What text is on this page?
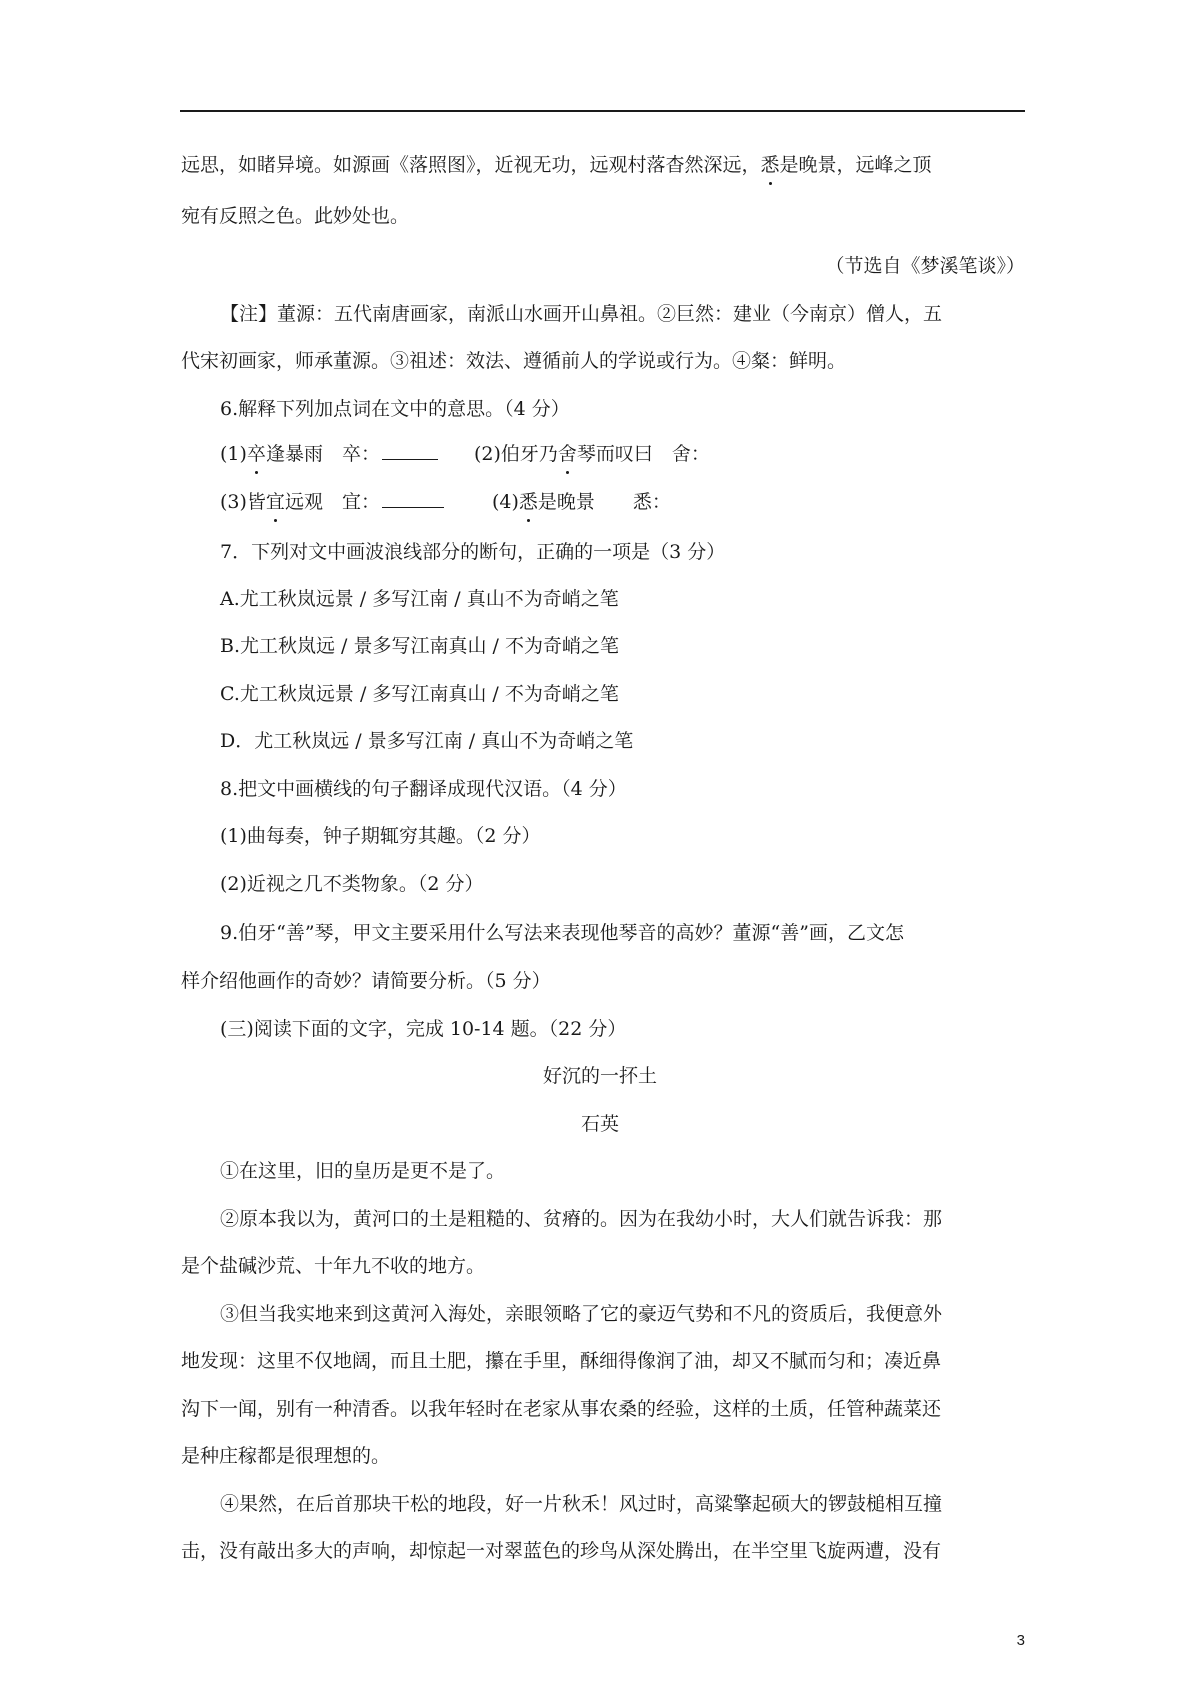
远思，如睹异境。如源画《落照图》，近视无功，远观村落杳然深远，悉是晚景，远峰之顶
宛有反照之色。此妙处也。
（节选自《梦溪笔谈》）
【注】董源：五代南唐画家，南派山水画开山鼻祖。②巨然：建业（今南京）僧人，五
代宋初画家，师承董源。③祖述：效法、遵循前人的学说或行为。④粲：鲜明。
6.解释下列加点词在文中的意思。（4 分）
(1)卒逢暴雨　卒：	(2)伯牙乃舍琴而叹曰　舍：
(3)皆宜远观　宜：	(4)悉是晚景　　悉：
7．下列对文中画波浪线部分的断句，正确的一项是（3 分）
A.尤工秋岚远景 / 多写江南 / 真山不为奇峭之笔
B.尤工秋岚远 / 景多写江南真山 / 不为奇峭之笔
C.尤工秋岚远景 / 多写江南真山 / 不为奇峭之笔
D．尤工秋岚远 / 景多写江南 / 真山不为奇峭之笔
8.把文中画横线的句子翻译成现代汉语。（4 分）
(1)曲每奏，钟子期辄穷其趣。（2 分）
(2)近视之几不类物象。（2 分）
9.伯牙“善”琴，甲文主要采用什么写法来表现他琴音的高妙？董源“善”画，乙文怎
样介绍他画作的奇妙？请简要分析。（5 分）
(三)阅读下面的文字，完成 10-14 题。（22 分）
好沉的一抔土
石英
①在这里，旧的皇历是更不是了。
②原本我以为，黄河口的土是粗糙的、贫瘠的。因为在我幼小时，大人们就告诉我：那
是个盐碱沙荒、十年九不收的地方。
③但当我实地来到这黄河入海处，亲眼领略了它的豪迈气势和不凡的资质后，我便意外
地发现：这里不仅地阔，而且土肥，攥在手里，酥细得像润了油，却又不腻而匀和；凑近鼻
沟下一闻，别有一种清香。以我年轻时在老家从事农桑的经验，这样的土质，任管种蔬菜还
是种庄稼都是很理想的。
④果然，在后首那块干松的地段，好一片秋禾！风过时，高粱擎起硕大的锣鼓槌相互撞
击，没有敲出多大的声响，却惊起一对翠蓝色的珍鸟从深处腾出，在半空里飞旋两遭，没有
3
